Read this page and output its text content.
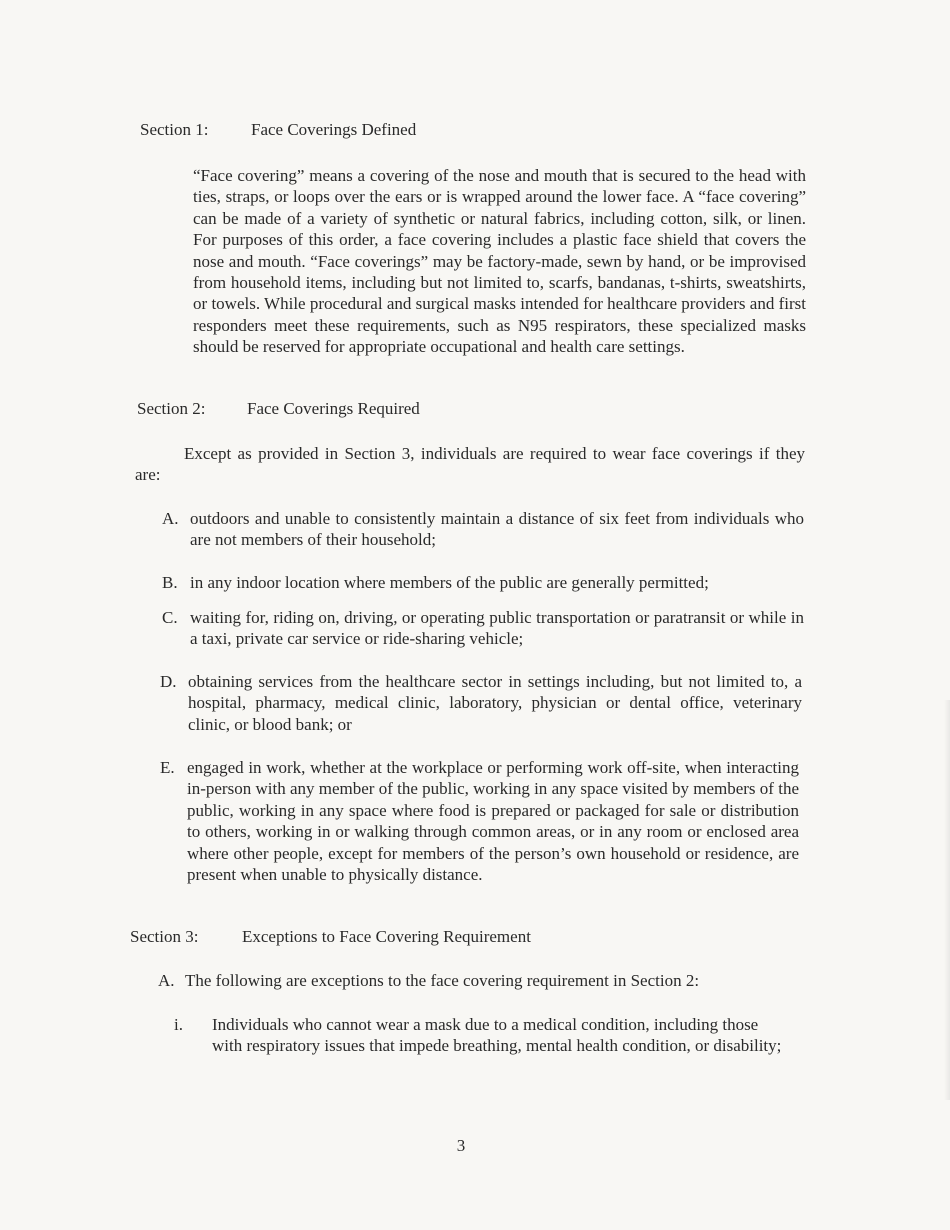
Section 1:	Face Coverings Defined
“Face covering” means a covering of the nose and mouth that is secured to the head with ties, straps, or loops over the ears or is wrapped around the lower face. A “face covering” can be made of a variety of synthetic or natural fabrics, including cotton, silk, or linen. For purposes of this order, a face covering includes a plastic face shield that covers the nose and mouth. “Face coverings” may be factory-made, sewn by hand, or be improvised from household items, including but not limited to, scarfs, bandanas, t-shirts, sweatshirts, or towels. While procedural and surgical masks intended for healthcare providers and first responders meet these requirements, such as N95 respirators, these specialized masks should be reserved for appropriate occupational and health care settings.
Section 2: Face Coverings Required
Except as provided in Section 3, individuals are required to wear face coverings if they are:
A. outdoors and unable to consistently maintain a distance of six feet from individuals who are not members of their household;
B. in any indoor location where members of the public are generally permitted;
C. waiting for, riding on, driving, or operating public transportation or paratransit or while in a taxi, private car service or ride-sharing vehicle;
D. obtaining services from the healthcare sector in settings including, but not limited to, a hospital, pharmacy, medical clinic, laboratory, physician or dental office, veterinary clinic, or blood bank; or
E. engaged in work, whether at the workplace or performing work off-site, when interacting in-person with any member of the public, working in any space visited by members of the public, working in any space where food is prepared or packaged for sale or distribution to others, working in or walking through common areas, or in any room or enclosed area where other people, except for members of the person’s own household or residence, are present when unable to physically distance.
Section 3:	Exceptions to Face Covering Requirement
A. The following are exceptions to the face covering requirement in Section 2:
i. Individuals who cannot wear a mask due to a medical condition, including those with respiratory issues that impede breathing, mental health condition, or disability;
3
